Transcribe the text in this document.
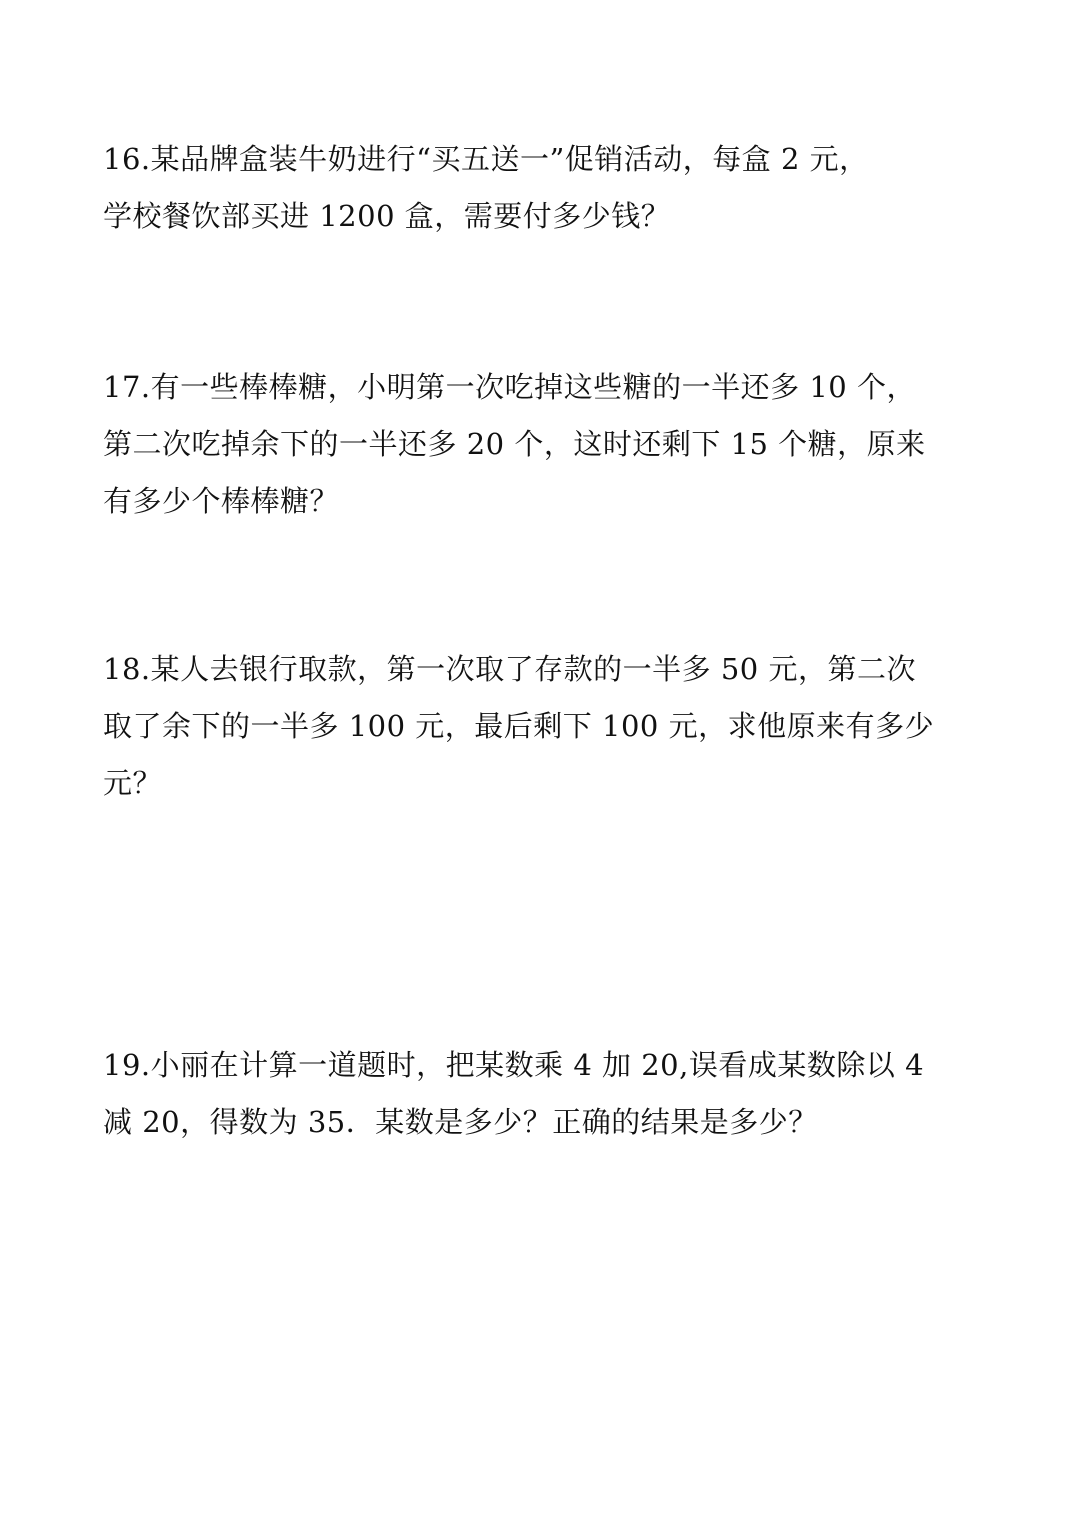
16.某品牌盒装牛奶进行“买五送一”促销活动，每盒 2 元，
学校餐饮部买进 1200 盒，需要付多少钱？
17.有一些棒棒糖，小明第一次吃掉这些糖的一半还多 10 个，
第二次吃掉余下的一半还多 20 个，这时还剩下 15 个糖，原来
有多少个棒棒糖？
18.某人去银行取款，第一次取了存款的一半多 50 元，第二次
取了余下的一半多 100 元，最后剩下 100 元，求他原来有多少
元？
19.小丽在计算一道题时，把某数乘 4 加 20,误看成某数除以 4
减 20，得数为 35．某数是多少？正确的结果是多少？
